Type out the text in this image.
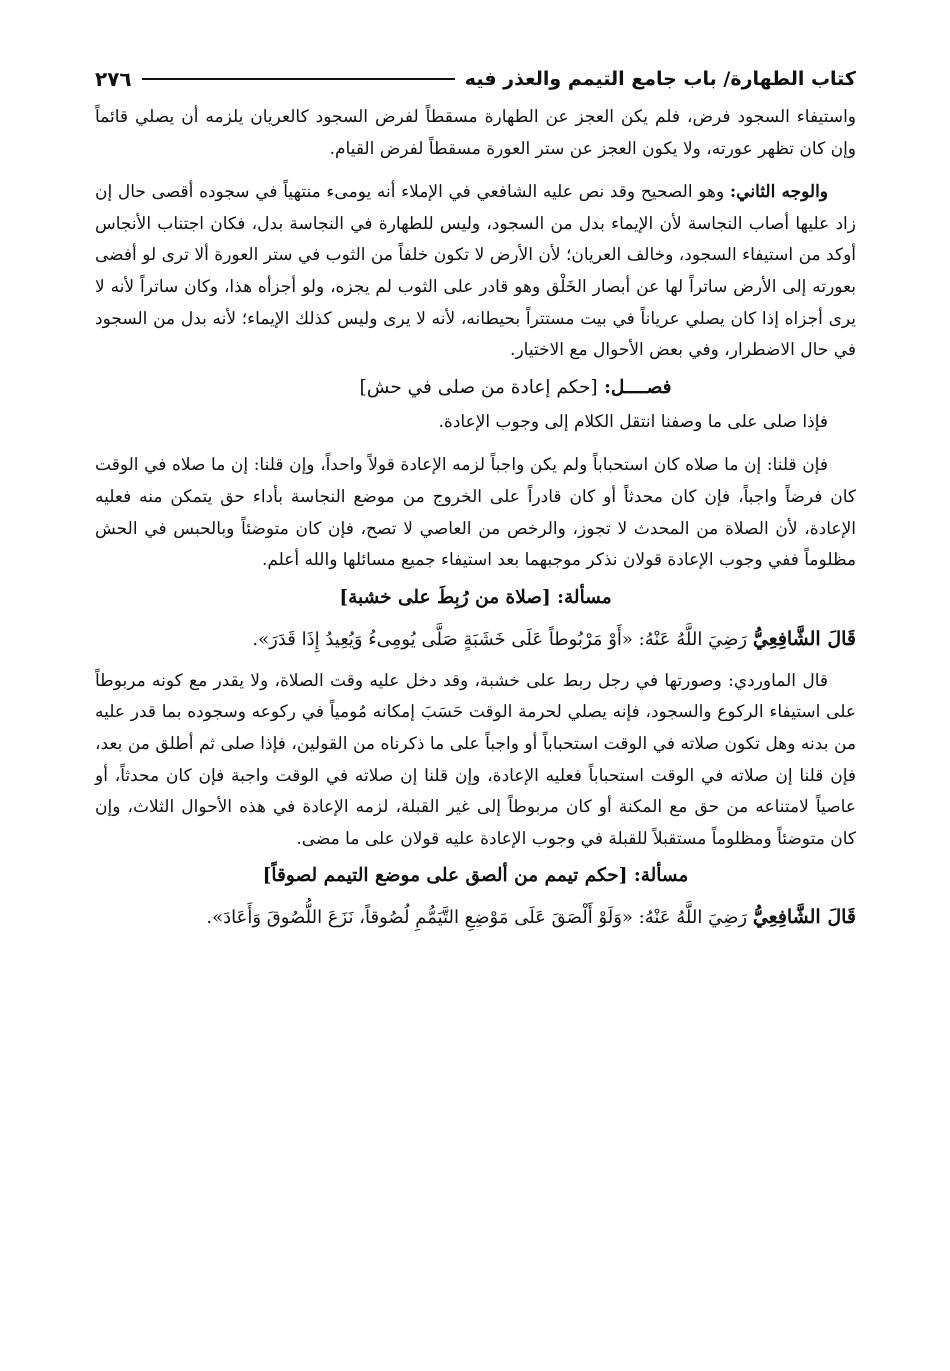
كتاب الطهارة/ باب جامع التيمم والعذر فيه
٢٧٦

واستيفاء السجود فرض، فلم يكن العجز عن الطهارة مسقطاً لفرض السجود كالعريان يلزمه أن يصلي قائماً وإن كان تظهر عورته، ولا يكون العجز عن ستر العورة مسقطاً لفرض القيام.

والوجه الثاني: وهو الصحيح وقد نص عليه الشافعي في الإملاء أنه يومىء منتهياً في سجوده أقصى حال إن زاد عليها أصاب النجاسة لأن الإيماء بدل من السجود، وليس للطهارة في النجاسة بدل، فكان اجتناب الأنجاس أوكد من استيفاء السجود، وخالف العريان؛ لأن الأرض لا تكون خلفاً من الثوب في ستر العورة ألا ترى لو أفضى بعورته إلى الأرض ساتراً لها عن أبصار الخَلْق وهو قادر على الثوب لم يجزه، ولو أجزأه هذا، وكان ساتراً لأنه لا يرى أجزاه إذا كان يصلي عرياناً في بيت مستتراً بحيطانه، لأنه لا يرى وليس كذلك الإيماء؛ لأنه بدل من السجود في حال الاضطرار، وفي بعض الأحوال مع الاختيار.

فصــــل: [حكم إعادة من صلى في حش]

فإذا صلى على ما وصفنا انتقل الكلام إلى وجوب الإعادة.

فإن قلنا: إن ما صلاه كان استحباباً ولم يكن واجباً لزمه الإعادة قولاً واحداً، وإن قلنا: إن ما صلاه في الوقت كان فرضاً واجباً، فإن كان محدثاً أو كان قادراً على الخروج من موضع النجاسة بأداء حق يتمكن منه فعليه الإعادة، لأن الصلاة من المحدث لا تجوز، والرخص من العاصي لا تصح، فإن كان متوضئاً وبالحبس في الحش مظلوماً ففي وجوب الإعادة قولان نذكر موجبهما بعد استيفاء جميع مسائلها والله أعلم.

مسألة: [صلاة من رُبِطَ على خشبة]

قَالَ الشَّافِعِيُّ رَضِيَ اللَّهُ عَنْهُ: «أَوْ مَرْبُوطاً عَلَى خَشَبَةٍ صَلَّى يُومِىءُ وَيُعِيدُ إِذَا قَدَرَ».

قال الماوردي: وصورتها في رجل ربط على خشبة، وقد دخل عليه وقت الصلاة، ولا يقدر مع كونه مربوطاً على استيفاء الركوع والسجود، فإنه يصلي لحرمة الوقت حَسَبَ إمكانه مُومياً في ركوعه وسجوده بما قدر عليه من بدنه وهل تكون صلاته في الوقت استحباباً أو واجباً على ما ذكرناه من القولين، فإذا صلى ثم أطلق من بعد، فإن قلنا إن صلاته في الوقت استحباباً فعليه الإعادة، وإن قلنا إن صلاته في الوقت واجبة فإن كان محدثاً، أو عاصياً لامتناعه من حق مع المكنة أو كان مربوطاً إلى غير القبلة، لزمه الإعادة في هذه الأحوال الثلاث، وإن كان متوضئاً ومظلوماً مستقبلاً للقبلة في وجوب الإعادة عليه قولان على ما مضى.

مسألة: [حكم تيمم من ألصق على موضع التيمم لصوقاً]

قَالَ الشَّافِعِيُّ رَضِيَ اللَّهُ عَنْهُ: «وَلَوْ أَلْصَقَ عَلَى مَوْضِعِ التَّيَمُّمِ لُصُوقاً، نَزَعَ اللُّصُوقَ وَأَعَادَ».
